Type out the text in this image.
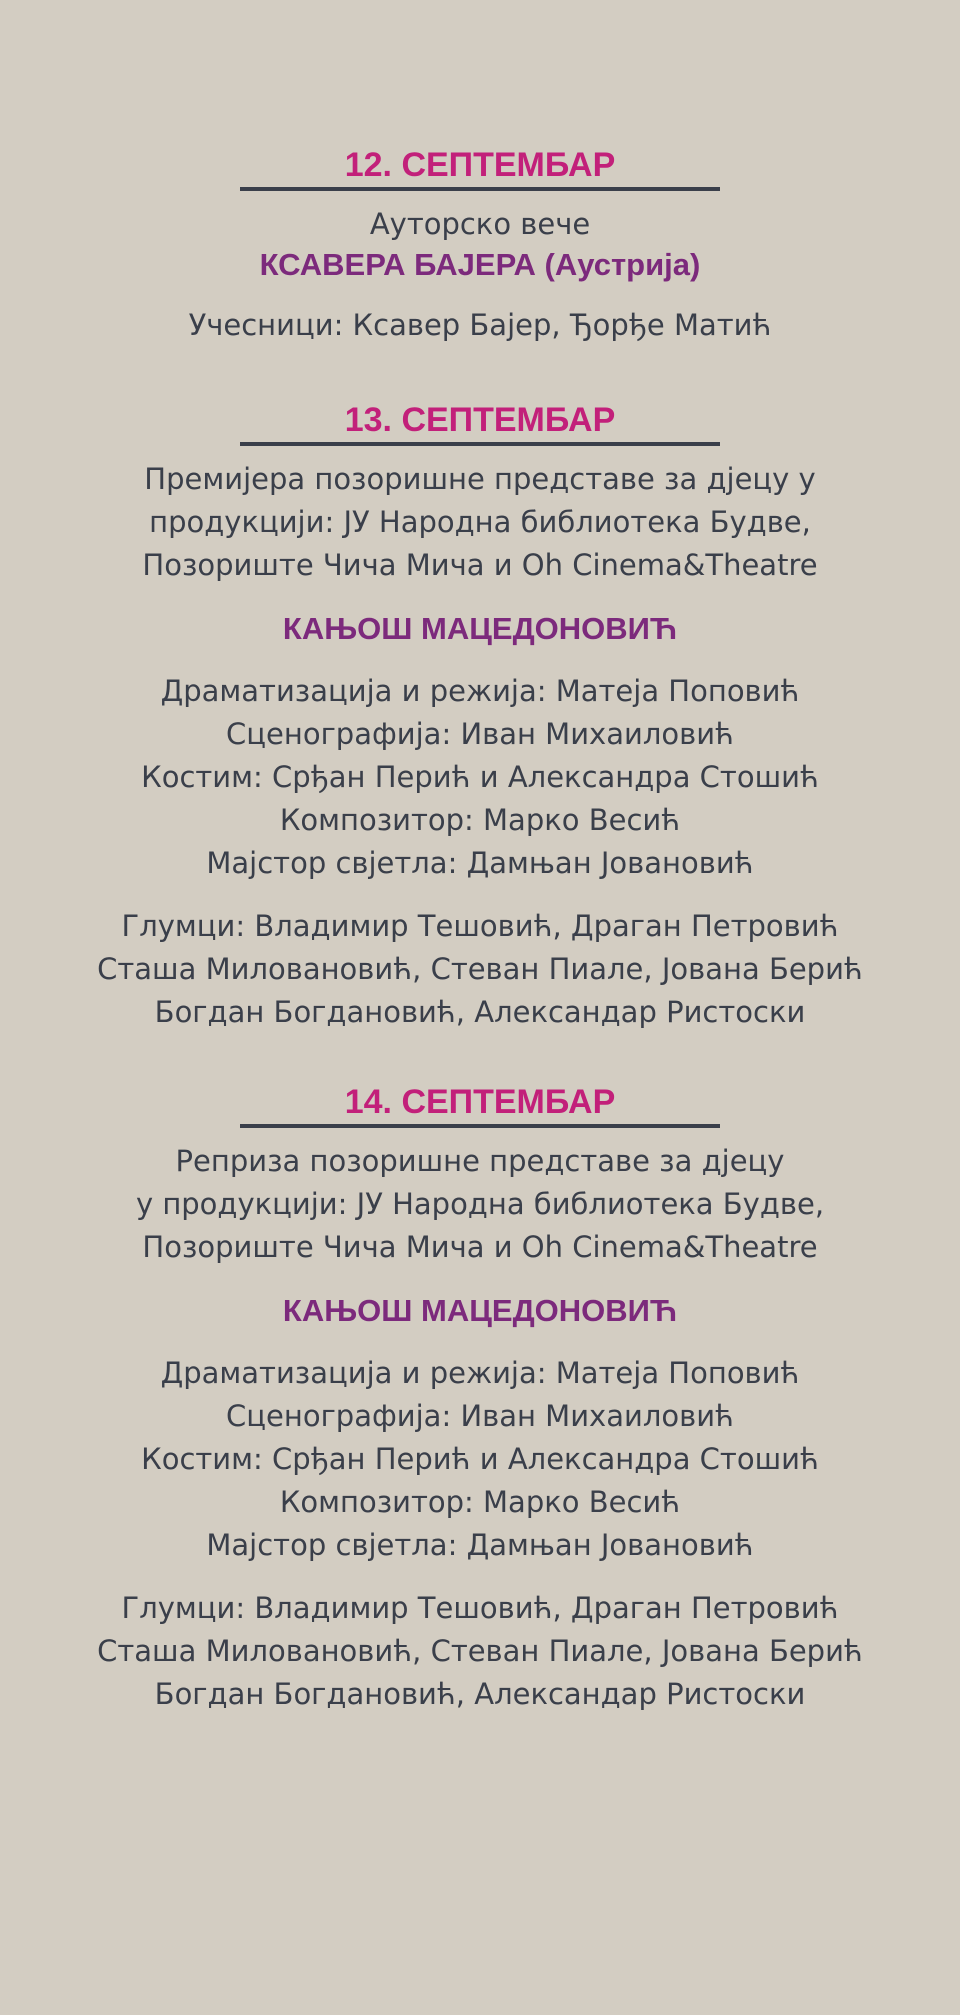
12. СЕПТЕМБАР

Ауторско вече

КСАВЕРА БАЈЕРА (Аустрија)

Учесници: Ксавер Бајер, Ђорђе Матић

13. СЕПТЕМБАР

Премијера позоришне представе за дјецу у
продукцији: ЈУ Народна библиотека Будве,
Позориште Чича Мича и Oh Cinema&Theatre

КАЊОШ МАЦЕДОНОВИЋ

Драматизација и режија: Матеја Поповић
Сценографија: Иван Михаиловић
Костим: Срђан Перић и Александра Стошић
Композитор: Марко Весић
Мајстор свјетла: Дамњан Јовановић

Глумци: Владимир Тешовић, Драган Петровић
Сташа Миловановић, Стеван Пиале, Јована Берић
Богдан Богдановић, Александар Ристоски

14. СЕПТЕМБАР

Реприза позоришне представе за дјецу
у продукцији: ЈУ Народна библиотека Будве,
Позориште Чича Мича и Oh Cinema&Theatre

КАЊОШ МАЦЕДОНОВИЋ

Драматизација и режија: Матеја Поповић
Сценографија: Иван Михаиловић
Костим: Срђан Перић и Александра Стошић
Композитор: Марко Весић
Мајстор свјетла: Дамњан Јовановић

Глумци: Владимир Тешовић, Драган Петровић
Сташа Миловановић, Стеван Пиале, Јована Берић
Богдан Богдановић, Александар Ристоски
